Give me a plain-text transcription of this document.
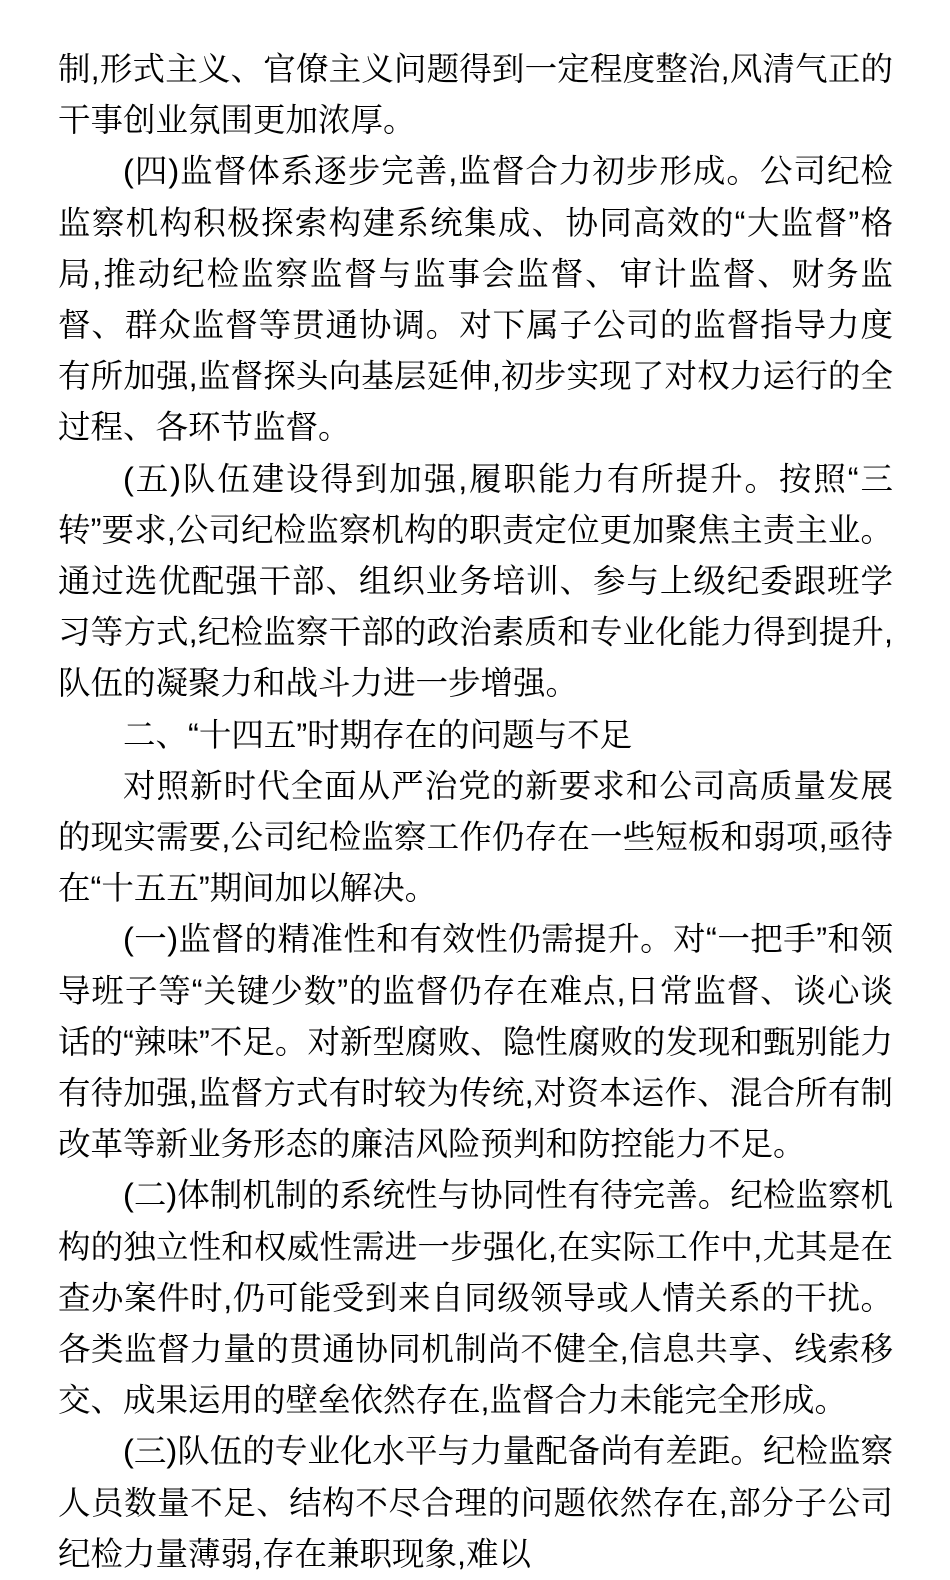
制,形式主义、官僚主义问题得到一定程度整治,风清气正的干事创业氛围更加浓厚。

(四)监督体系逐步完善,监督合力初步形成。公司纪检监察机构积极探索构建系统集成、协同高效的“大监督”格局,推动纪检监察监督与监事会监督、审计监督、财务监督、群众监督等贯通协调。对下属子公司的监督指导力度有所加强,监督探头向基层延伸,初步实现了对权力运行的全过程、各环节监督。

(五)队伍建设得到加强,履职能力有所提升。按照“三转”要求,公司纪检监察机构的职责定位更加聚焦主责主业。通过选优配强干部、组织业务培训、参与上级纪委跟班学习等方式,纪检监察干部的政治素质和专业化能力得到提升,队伍的凝聚力和战斗力进一步增强。

二、“十四五”时期存在的问题与不足

对照新时代全面从严治党的新要求和公司高质量发展的现实需要,公司纪检监察工作仍存在一些短板和弱项,亟待在“十五五”期间加以解决。

(一)监督的精准性和有效性仍需提升。对“一把手”和领导班子等“关键少数”的监督仍存在难点,日常监督、谈心谈话的“辣味”不足。对新型腐败、隐性腐败的发现和甄别能力有待加强,监督方式有时较为传统,对资本运作、混合所有制改革等新业务形态的廉洁风险预判和防控能力不足。

(二)体制机制的系统性与协同性有待完善。纪检监察机构的独立性和权威性需进一步强化,在实际工作中,尤其是在查办案件时,仍可能受到来自同级领导或人情关系的干扰。各类监督力量的贯通协同机制尚不健全,信息共享、线索移交、成果运用的壁垒依然存在,监督合力未能完全形成。

(三)队伍的专业化水平与力量配备尚有差距。纪检监察人员数量不足、结构不尽合理的问题依然存在,部分子公司纪检力量薄弱,存在兼职现象,难以
